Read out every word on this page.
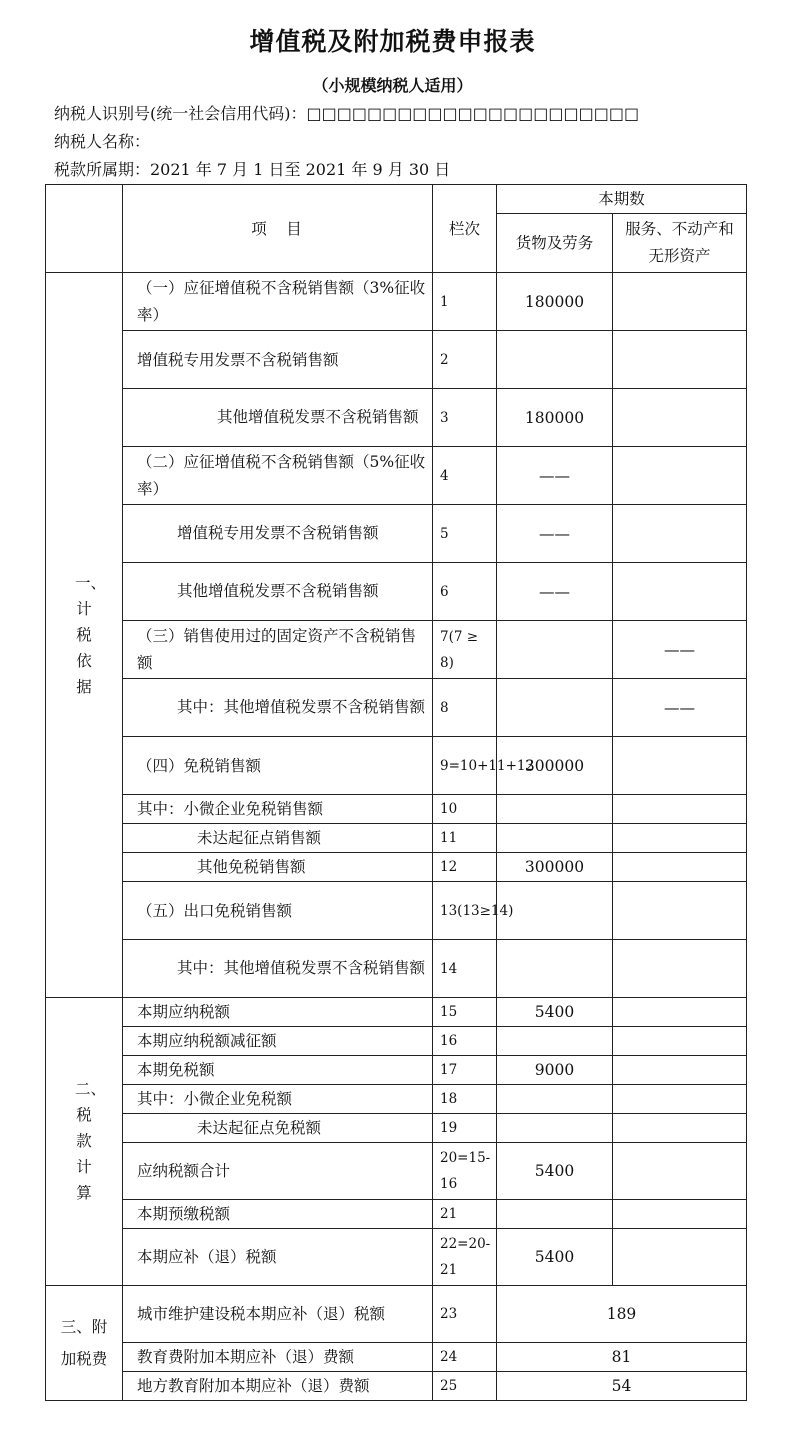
增值税及附加税费申报表
（小规模纳税人适用）
纳税人识别号(统一社会信用代码)：□□□□□□□□□□□□□□□□□□□□□□
纳税人名称：
税款所属期：2021 年 7 月 1 日至 2021 年 9 月 30 日
	项　目	栏次	本期数	
			货物及劳务	服务、不动产和无形资产
一、计税依据	（一）应征增值税不含税销售额（3%征收率）	1	180000	
	增值税专用发票不含税销售额	2		
	其他增值税发票不含税销售额	3	180000	
	（二）应征增值税不含税销售额（5%征收率）	4	——	
	增值税专用发票不含税销售额	5	——	
	其他增值税发票不含税销售额	6	——	
	（三）销售使用过的固定资产不含税销售额	7(7 ≥ 8)		——
	其中：其他增值税发票不含税销售额	8		——
	（四）免税销售额	9=10+11+12	300000	
	其中：小微企业免税销售额	10		
	未达起征点销售额	11		
	其他免税销售额	12	300000	
	（五）出口免税销售额	13(13≥14)		
	其中：其他增值税发票不含税销售额	14		
二、税款计算	本期应纳税额	15	5400	
	本期应纳税额减征额	16		
	本期免税额	17	9000	
	其中：小微企业免税额	18		
	未达起征点免税额	19		
	应纳税额合计	20=15-16	5400	
	本期预缴税额	21		
	本期应补（退）税额	22=20-21	5400	
三、附加税费	城市维护建设税本期应补（退）税额	23	189	
	教育费附加本期应补（退）费额	24	81	
	地方教育附加本期应补（退）费额	25	54	
